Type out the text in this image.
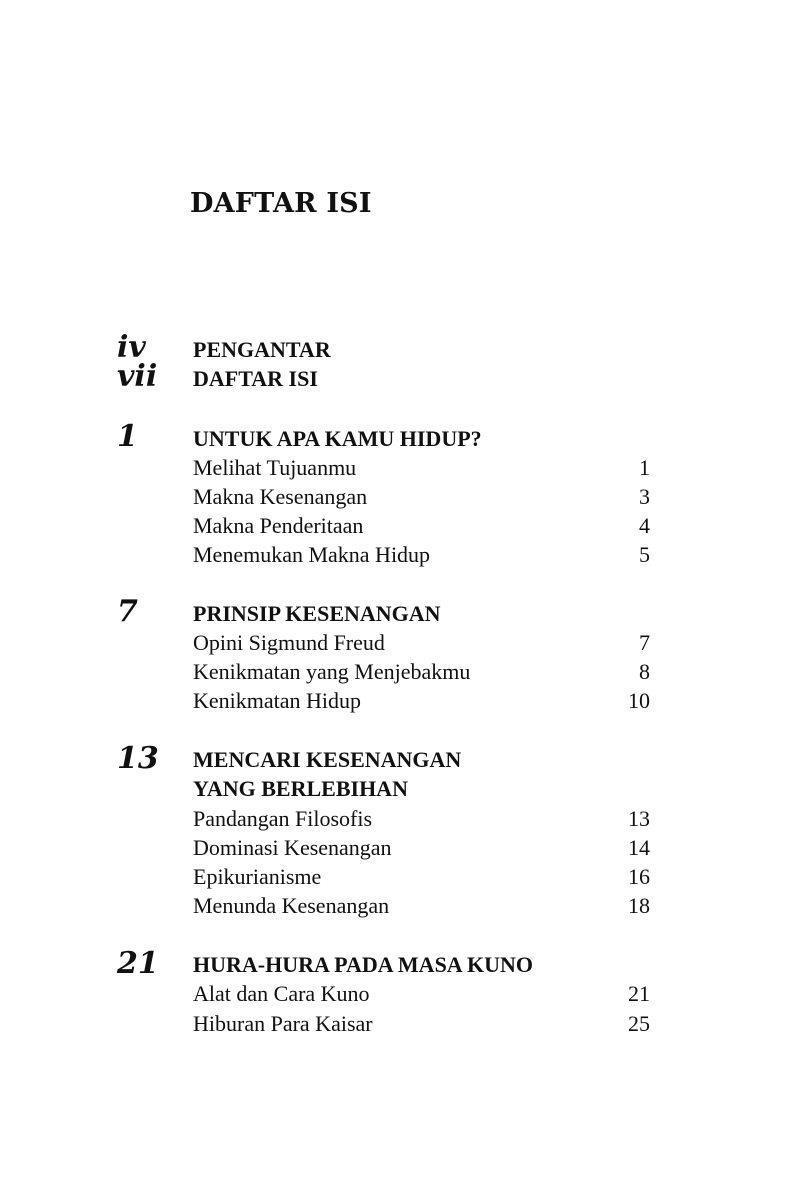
DAFTAR ISI
iv PENGANTAR
vii DAFTAR ISI
1	UNTUK APA KAMU HIDUP?
Melihat Tujuanmu	1
Makna Kesenangan	3
Makna Penderitaan	4
Menemukan Makna Hidup	5
7	PRINSIP KESENANGAN
Opini Sigmund Freud	7
Kenikmatan yang Menjebakmu	8
Kenikmatan Hidup	10
13 MENCARI KESENANGAN
YANG BERLEBIHAN
Pandangan Filosofis	13
Dominasi Kesenangan	14
Epikurianisme	16
Menunda Kesenangan	18
21 HURA-HURA PADA MASA KUNO
Alat dan Cara Kuno	21
Hiburan Para Kaisar	25
